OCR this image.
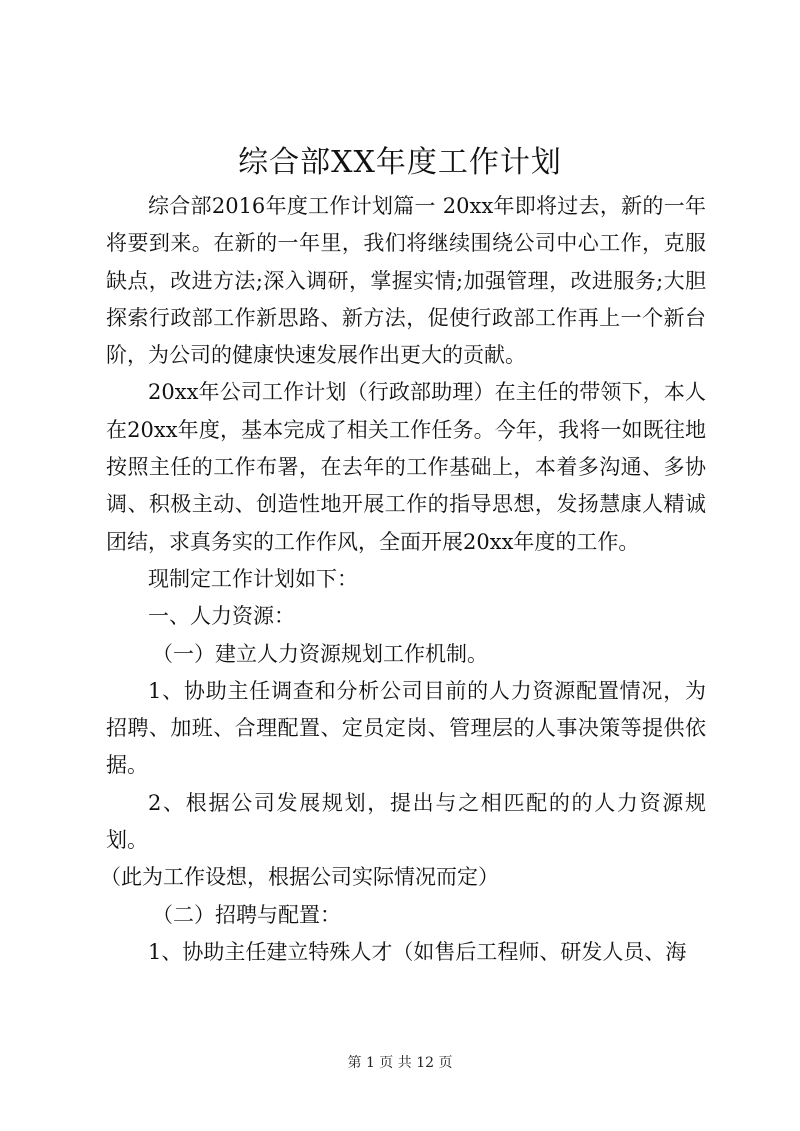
综合部XX年度工作计划

综合部2016年度工作计划篇一 20xx年即将过去，新的一年将要到来。在新的一年里，我们将继续围绕公司中心工作，克服缺点，改进方法;深入调研，掌握实情;加强管理，改进服务;大胆探索行政部工作新思路、新方法，促使行政部工作再上一个新台阶，为公司的健康快速发展作出更大的贡献。

20xx年公司工作计划（行政部助理）在主任的带领下，本人在20xx年度，基本完成了相关工作任务。今年，我将一如既往地按照主任的工作布署，在去年的工作基础上，本着多沟通、多协调、积极主动、创造性地开展工作的指导思想，发扬慧康人精诚团结，求真务实的工作作风，全面开展20xx年度的工作。

现制定工作计划如下：

一、人力资源：

（一）建立人力资源规划工作机制。

1、协助主任调查和分析公司目前的人力资源配置情况，为招聘、加班、合理配置、定员定岗、管理层的人事决策等提供依据。

2、根据公司发展规划，提出与之相匹配的的人力资源规划。

（此为工作设想，根据公司实际情况而定）

（二）招聘与配置：

1、协助主任建立特殊人才（如售后工程师、研发人员、海

第 1 页 共 12 页
